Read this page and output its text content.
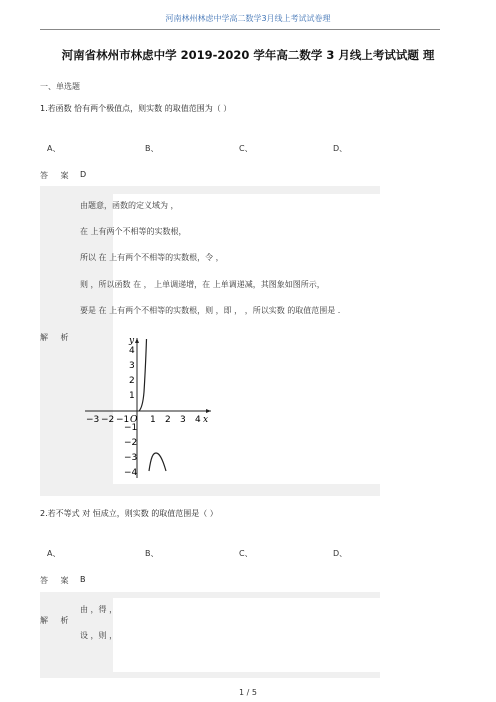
河南林州林虑中学高二数学3月线上考试试卷理
河南省林州市林虑中学 2019-2020 学年高二数学 3 月线上考试试题 理
一、单选题
1.若函数 恰有两个极值点，则实数 的取值范围为（ ）
A、	B、	C、	D、
答 案 D
解 析
由题意，函数的定义域为 ，
在 上有两个不相等的实数根，
所以 在 上有两个不相等的实数根，令 ，
则 ，所以函数 在 ， 上单调递增，在 上单调递减，其图象如图所示，
要是 在 上有两个不相等的实数根，则 ，即 ， ，所以实数 的取值范围是 .
y
x
−3 −2 −1 O 1 2 3 4
4
3
2
1
−1
−2
−3
−4
2.若不等式 对 恒成立，则实数 的取值范围是（ ）
A、	B、	C、	D、
答 案 B
解 析
由 ，得 ，
设 ，则 ，
1 / 5
